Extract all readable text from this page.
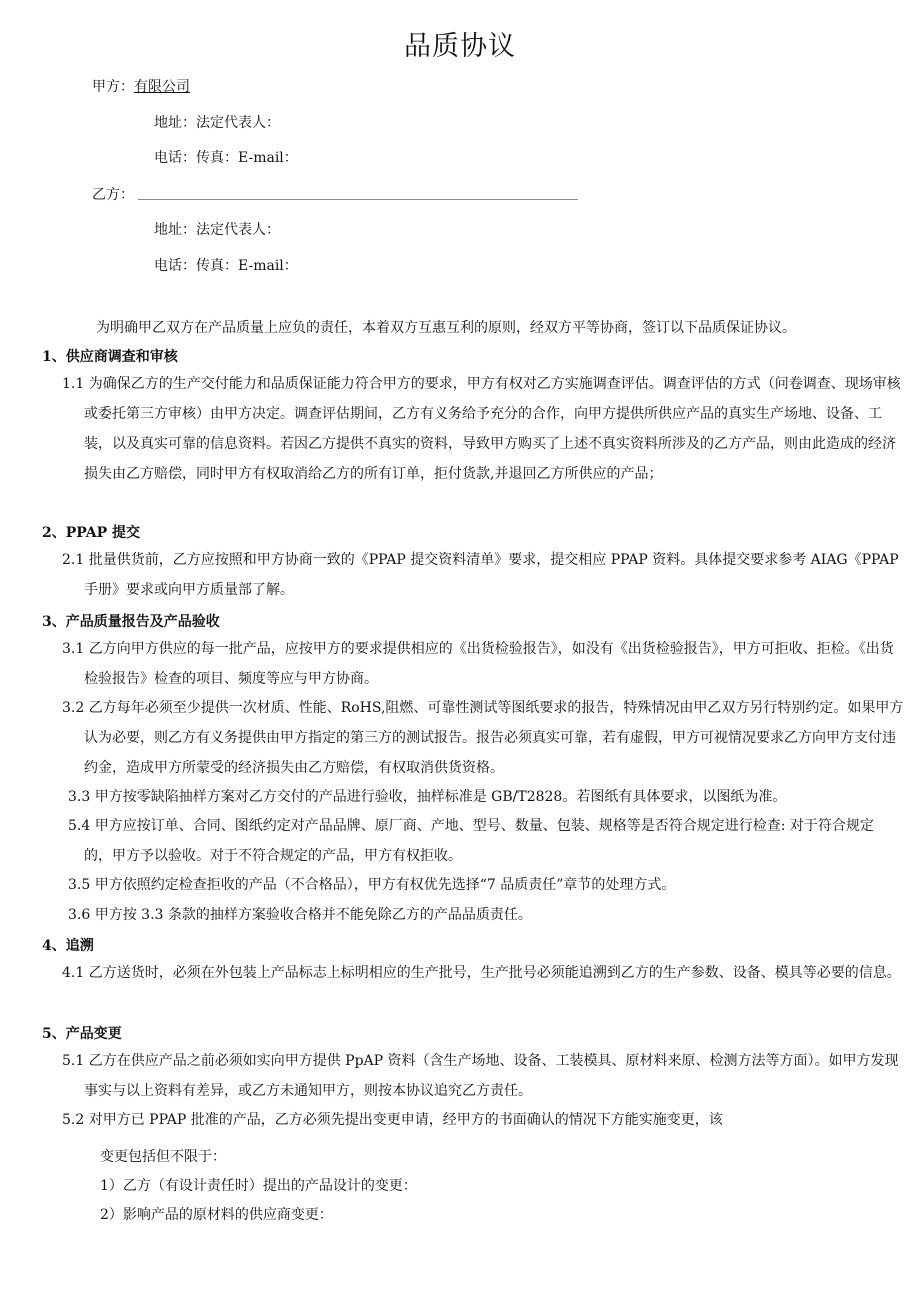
品质协议
甲方：有限公司
地址：法定代表人：
电话：传真：E-mail：
乙方：
地址：法定代表人：
电话：传真：E-mail：
为明确甲乙双方在产品质量上应负的责任，本着双方互惠互利的原则，经双方平等协商，签订以下品质保证协议。
1、供应商调查和审核
1.1 为确保乙方的生产交付能力和品质保证能力符合甲方的要求，甲方有权对乙方实施调查评估。调查评估的方式（问卷调查、现场审核或委托第三方审核）由甲方决定。调查评估期间，乙方有义务给予充分的合作，向甲方提供所供应产品的真实生产场地、设备、工装，以及真实可靠的信息资料。若因乙方提供不真实的资料，导致甲方购买了上述不真实资料所涉及的乙方产品，则由此造成的经济损失由乙方赔偿，同时甲方有权取消给乙方的所有订单，拒付货款,并退回乙方所供应的产品；
2、PPAP 提交
2.1 批量供货前，乙方应按照和甲方协商一致的《PPAP 提交资料清单》要求，提交相应 PPAP 资料。具体提交要求参考 AIAG《PPAP 手册》要求或向甲方质量部了解。
3、产品质量报告及产品验收
3.1 乙方向甲方供应的每一批产品，应按甲方的要求提供相应的《出货检验报告》，如没有《出货检验报告》，甲方可拒收、拒检。《出货检验报告》检查的项目、频度等应与甲方协商。
3.2 乙方每年必须至少提供一次材质、性能、RoHS,阻燃、可靠性测试等图纸要求的报告，特殊情况由甲乙双方另行特别约定。如果甲方认为必要，则乙方有义务提供由甲方指定的第三方的测试报告。报告必须真实可靠，若有虚假，甲方可视情况要求乙方向甲方支付违约金，造成甲方所蒙受的经济损失由乙方赔偿，有权取消供货资格。
3.3 甲方按零缺陷抽样方案对乙方交付的产品进行验收，抽样标准是 GB/T2828。若图纸有具体要求，以图纸为准。
5.4 甲方应按订单、合同、图纸约定对产品品牌、原厂商、产地、型号、数量、包装、规格等是否符合规定进行检查: 对于符合规定的，甲方予以验收。对于不符合规定的产品，甲方有权拒收。
3.5 甲方依照约定检查拒收的产品（不合格品），甲方有权优先选择“7 品质责任”章节的处理方式。
3.6 甲方按 3.3 条款的抽样方案验收合格并不能免除乙方的产品品质责任。
4、追溯
4.1 乙方送货时，必须在外包装上产品标志上标明相应的生产批号，生产批号必须能追溯到乙方的生产参数、设备、模具等必要的信息。
5、产品变更
5.1 乙方在供应产品之前必须如实向甲方提供 PpAP 资料（含生产场地、设备、工装模具、原材料来原、检测方法等方面）。如甲方发现事实与以上资料有差异，或乙方未通知甲方，则按本协议追究乙方责任。
5.2 对甲方已 PPAP 批准的产品，乙方必须先提出变更申请，经甲方的书面确认的情况下方能实施变更，该
变更包括但不限于：
1）乙方（有设计责任时）提出的产品设计的变更：
2）影响产品的原材料的供应商变更：
